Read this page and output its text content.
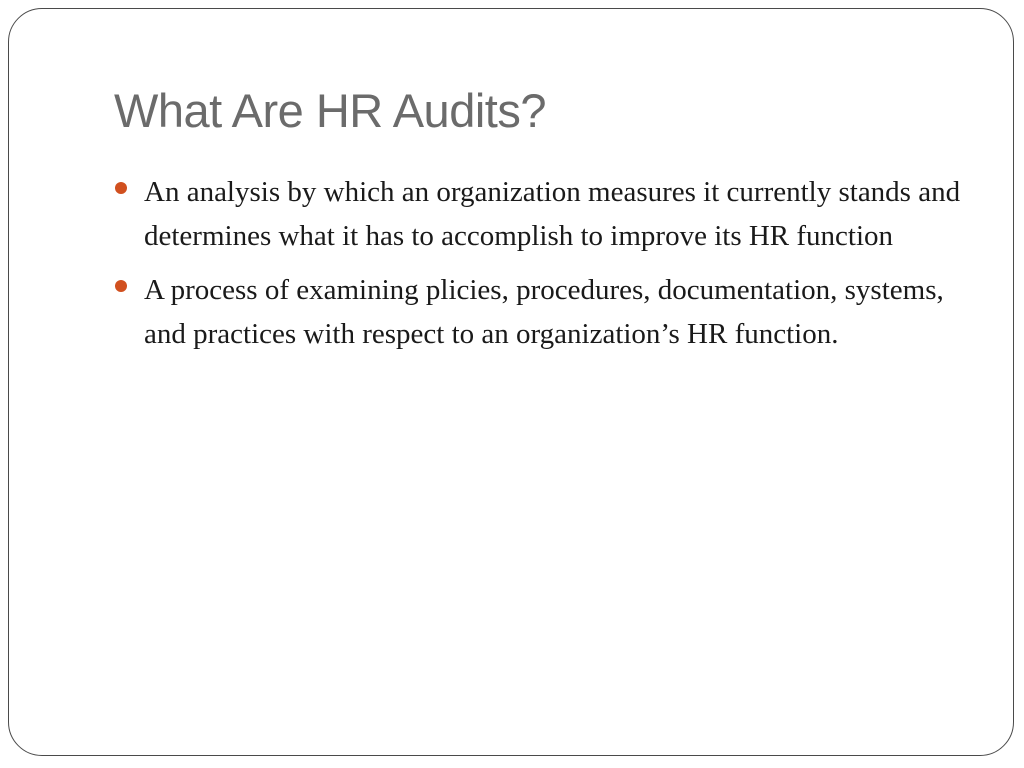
What Are HR Audits?
An analysis by which an organization measures it currently stands and determines what it has to accomplish to improve its HR function
A process of examining plicies, procedures, documentation, systems, and practices with respect to an organization’s HR function.
